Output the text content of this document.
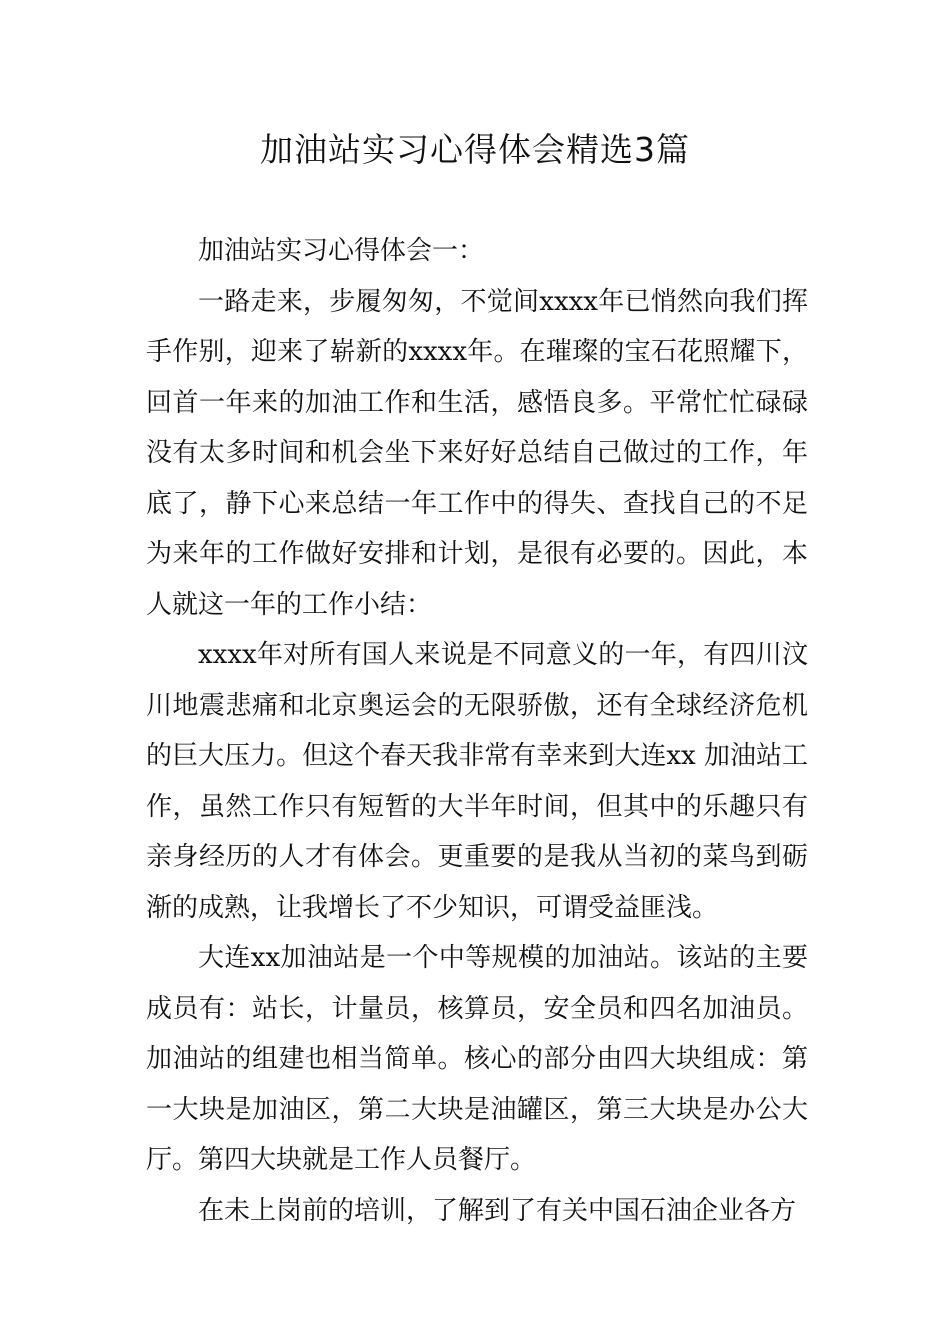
加油站实习心得体会精选3篇

加油站实习心得体会一：

一路走来，步履匆匆，不觉间xxxx年已悄然向我们挥手作别，迎来了崭新的xxxx年。在璀璨的宝石花照耀下，回首一年来的加油工作和生活，感悟良多。平常忙忙碌碌没有太多时间和机会坐下来好好总结自己做过的工作，年底了，静下心来总结一年工作中的得失、查找自己的不足为来年的工作做好安排和计划，是很有必要的。因此，本人就这一年的工作小结：

xxxx年对所有国人来说是不同意义的一年，有四川汶川地震悲痛和北京奥运会的无限骄傲，还有全球经济危机的巨大压力。但这个春天我非常有幸来到大连xx 加油站工作，虽然工作只有短暂的大半年时间，但其中的乐趣只有亲身经历的人才有体会。更重要的是我从当初的菜鸟到砺渐的成熟，让我增长了不少知识，可谓受益匪浅。

大连xx加油站是一个中等规模的加油站。该站的主要成员有：站长，计量员，核算员，安全员和四名加油员。加油站的组建也相当简单。核心的部分由四大块组成：第一大块是加油区，第二大块是油罐区，第三大块是办公大厅。第四大块就是工作人员餐厅。

在未上岗前的培训，了解到了有关中国石油企业各方
